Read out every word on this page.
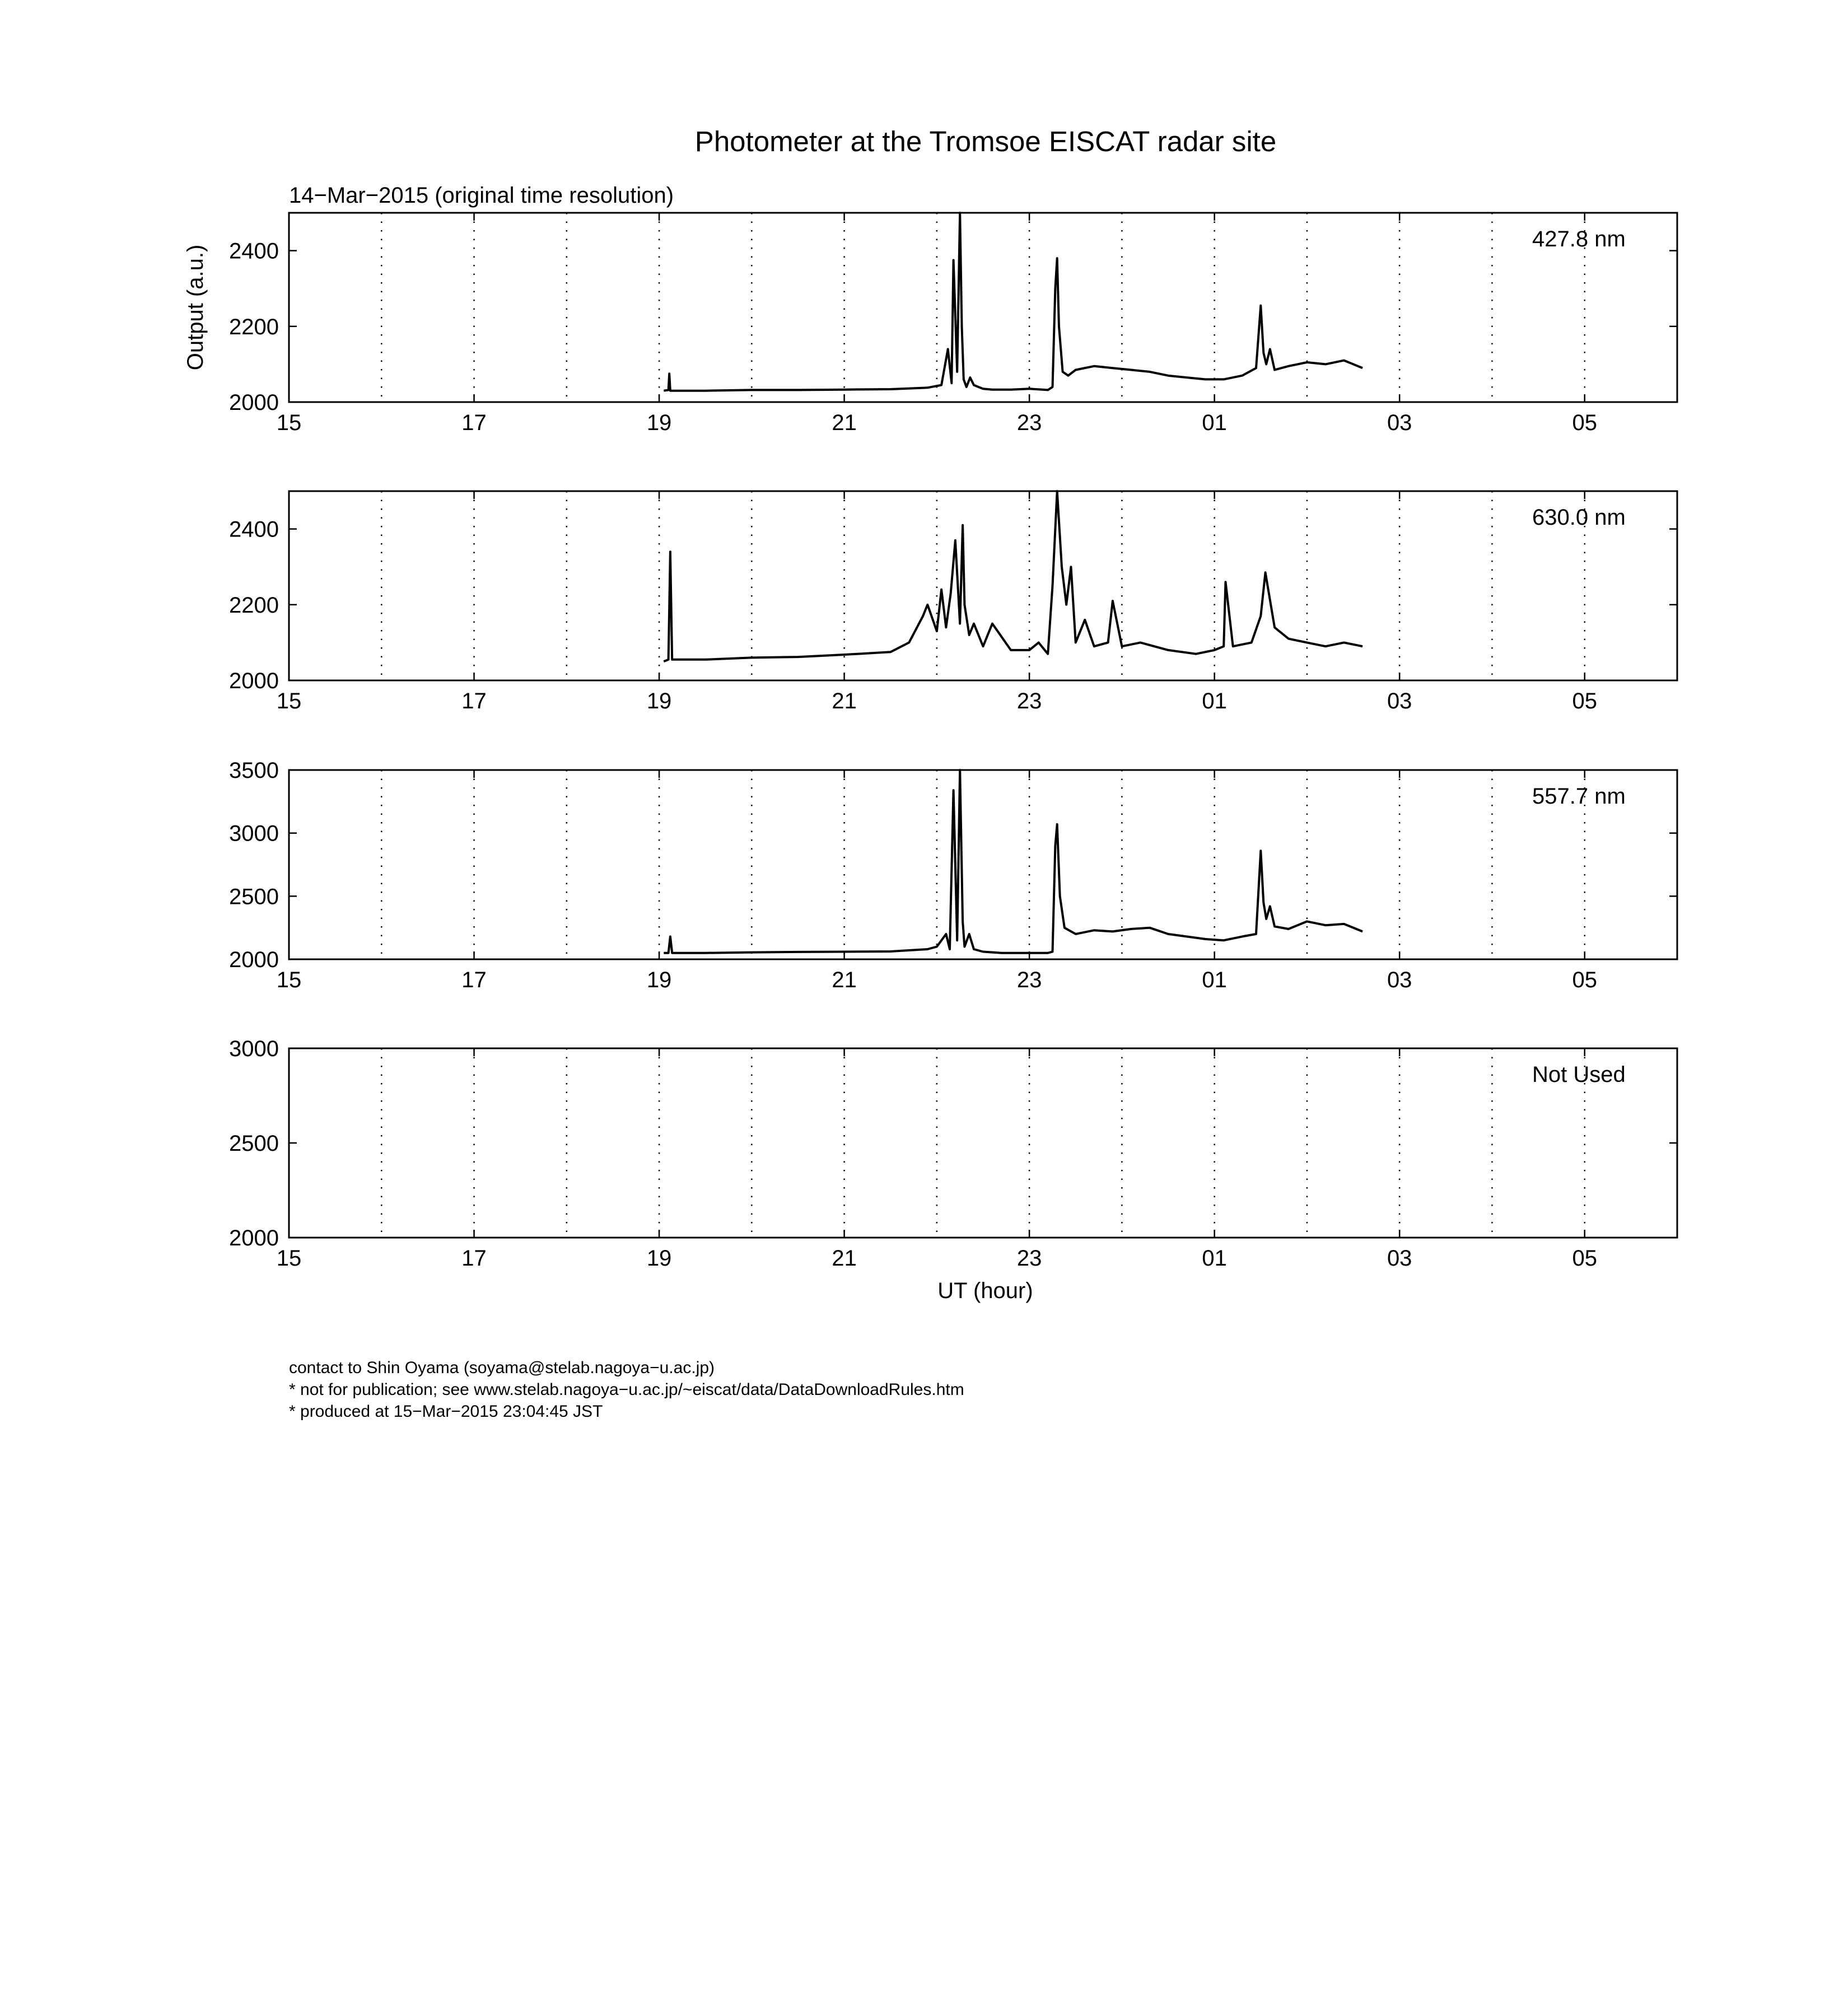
Photometer at the Tromsoe EISCAT radar site
14−Mar−2015 (original time resolution)
15	17	19	21	23	01	03	05
2000
2200
2400	427.8 nm
Output (a.u.)
15	17	19	21	23	01	03	05
2000
2200
2400	630.0 nm
15	17	19	21	23	01	03	05
2000
2500
3000
3500
557.7 nm
15	17	19	21	23	01	03	05
2000
2500
3000
Not Used
UT (hour)
contact to Shin Oyama (soyama@stelab.nagoya−u.ac.jp)
* not for publication; see www.stelab.nagoya−u.ac.jp/~eiscat/data/DataDownloadRules.htm
* produced at 15−Mar−2015 23:04:45 JST
